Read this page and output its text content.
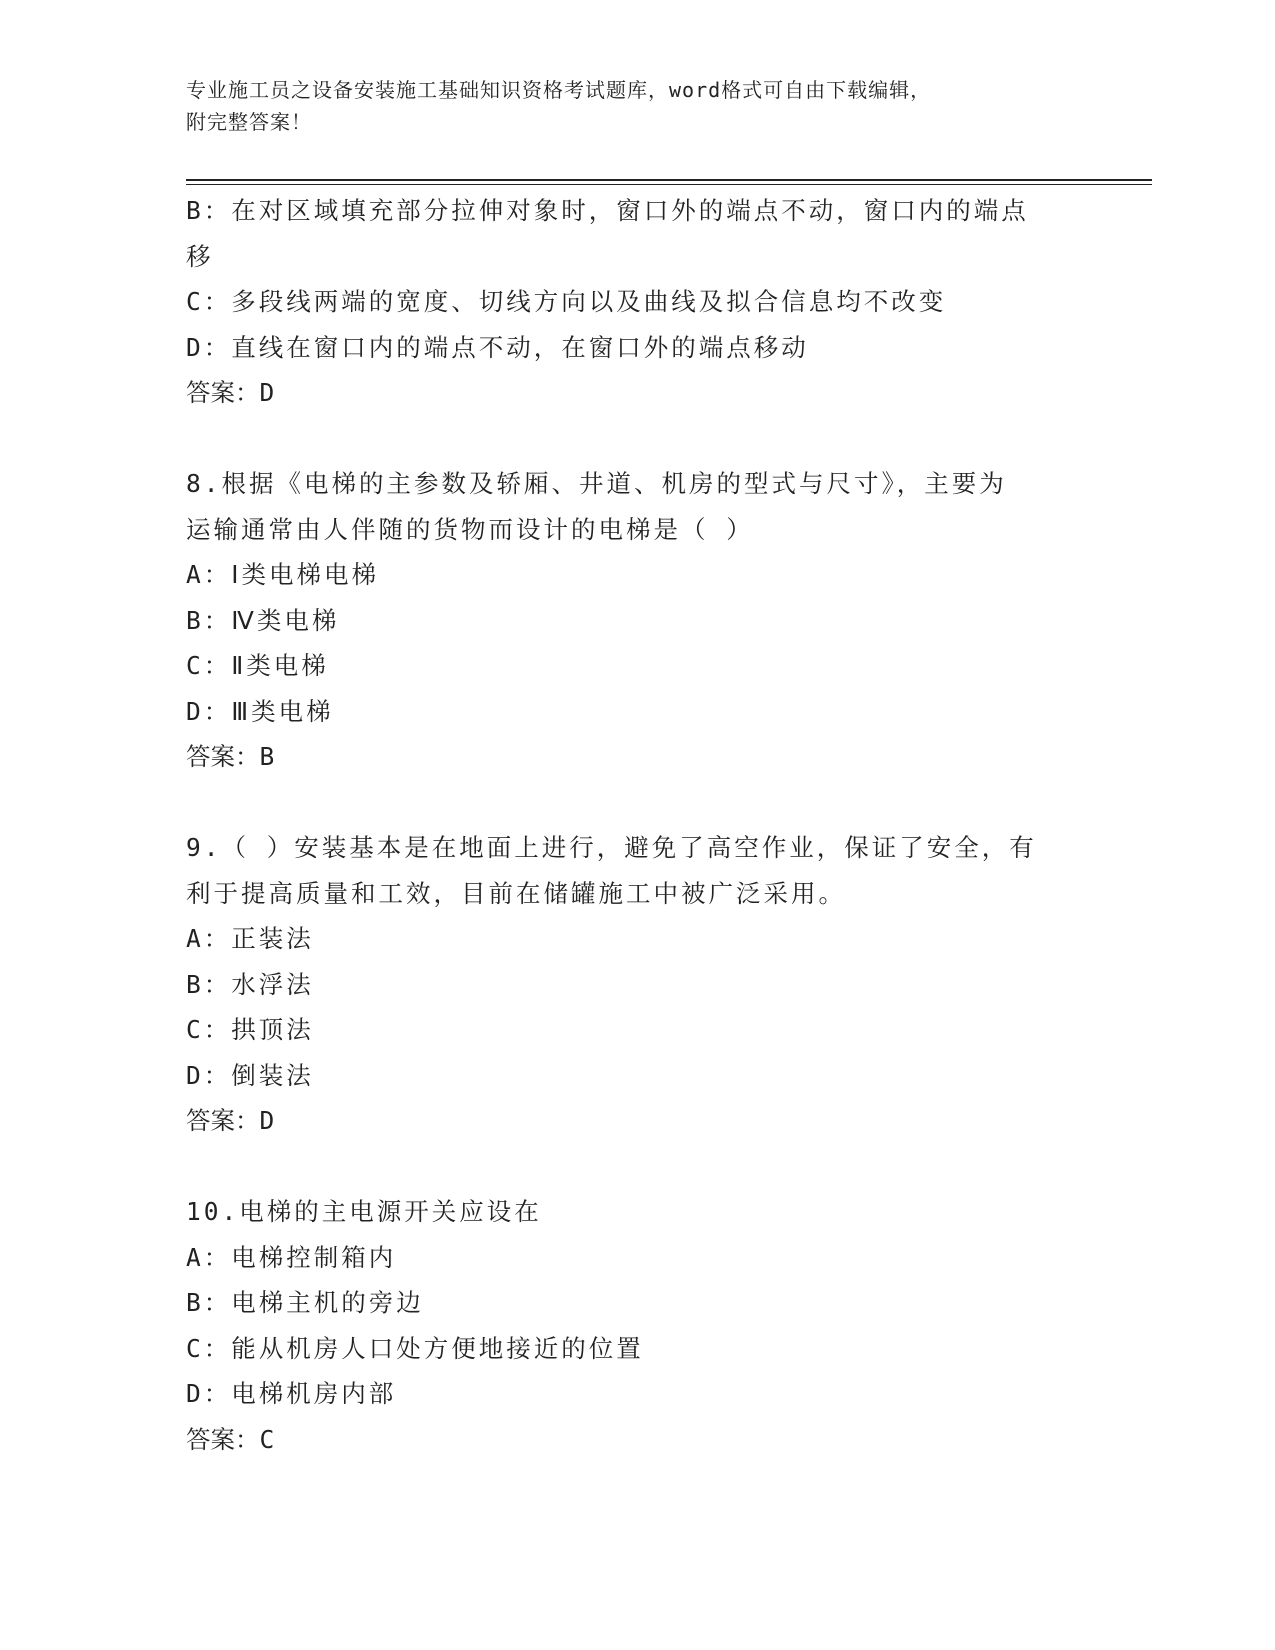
专业施工员之设备安装施工基础知识资格考试题库，word格式可自由下载编辑，
附完整答案！
B：在对区域填充部分拉伸对象时，窗口外的端点不动，窗口内的端点
移
C：多段线两端的宽度、切线方向以及曲线及拟合信息均不改变
D：直线在窗口内的端点不动，在窗口外的端点移动
答案：D
8.根据《电梯的主参数及轿厢、井道、机房的型式与尺寸》，主要为
运输通常由人伴随的货物而设计的电梯是（ ）
A：Ⅰ类电梯电梯
B：Ⅳ类电梯
C：Ⅱ类电梯
D：Ⅲ类电梯
答案：B
9.（ ）安装基本是在地面上进行，避免了高空作业，保证了安全，有
利于提高质量和工效，目前在储罐施工中被广泛采用。
A：正装法
B：水浮法
C：拱顶法
D：倒装法
答案：D
10.电梯的主电源开关应设在
A：电梯控制箱内
B：电梯主机的旁边
C：能从机房人口处方便地接近的位置
D：电梯机房内部
答案：C
